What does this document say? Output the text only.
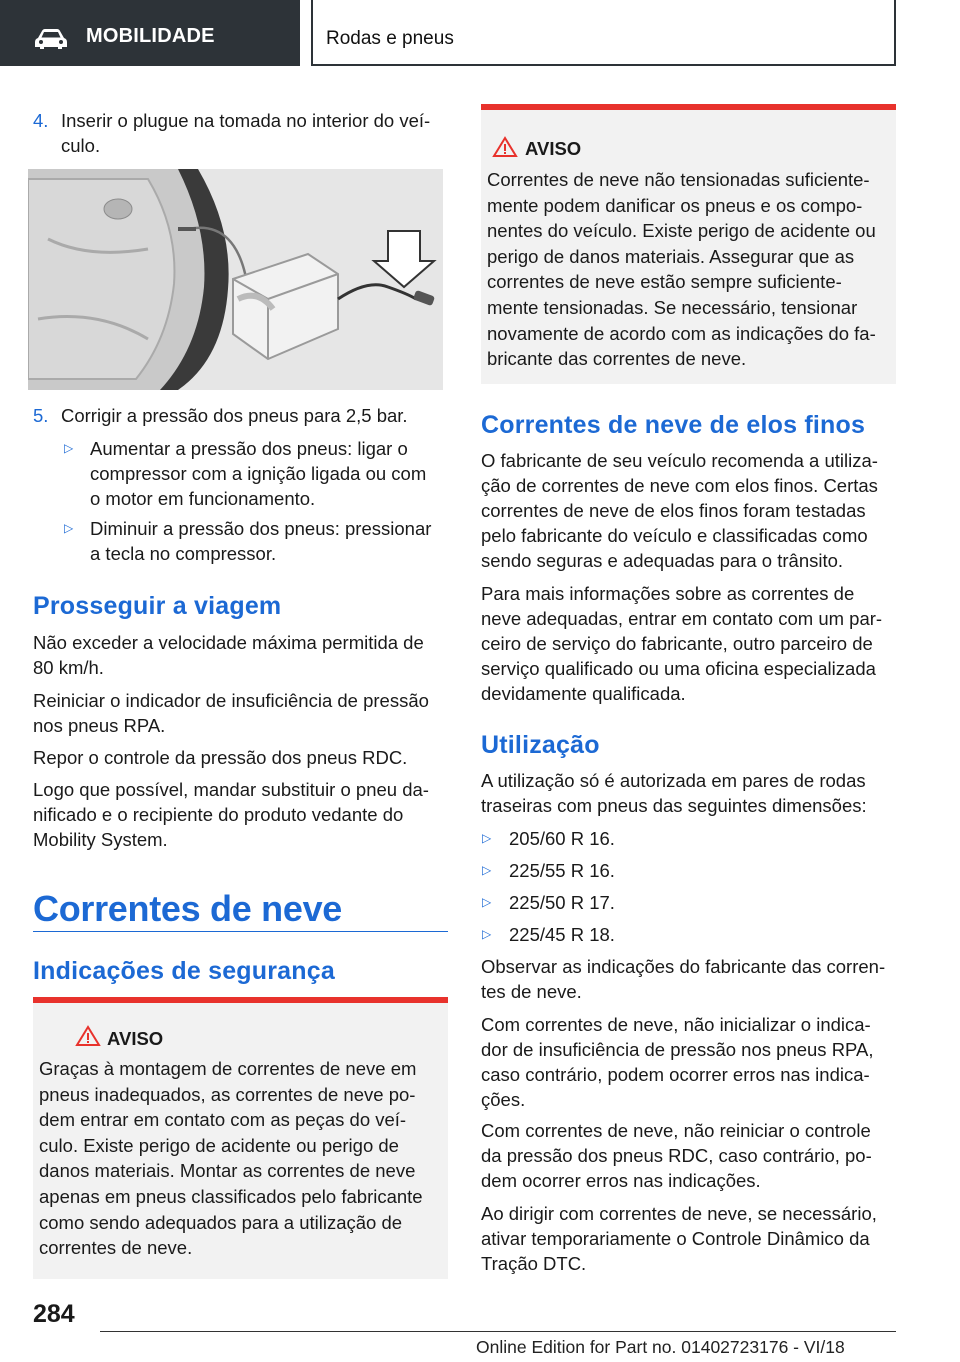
MOBILIDADE	Rodas e pneus
4. Inserir o plugue na tomada no interior do veí-
culo.
5. Corrigir a pressão dos pneus para 2,5 bar.
▷ Aumentar a pressão dos pneus: ligar o
compressor com a ignição ligada ou com
o motor em funcionamento.
▷ Diminuir a pressão dos pneus: pressionar
a tecla no compressor.
Prosseguir a viagem
Não exceder a velocidade máxima permitida de
80 km/h.
Reiniciar o indicador de insuficiência de pressão
nos pneus RPA.
Repor o controle da pressão dos pneus RDC.
Logo que possível, mandar substituir o pneu da-
nificado e o recipiente do produto vedante do
Mobility System.
Correntes de neve
Indicações de segurança
AVISO
Graças à montagem de correntes de neve em
pneus inadequados, as correntes de neve po-
dem entrar em contato com as peças do veí-
culo. Existe perigo de acidente ou perigo de
danos materiais. Montar as correntes de neve
apenas em pneus classificados pelo fabricante
como sendo adequados para a utilização de
correntes de neve.
AVISO
Correntes de neve não tensionadas suficiente-
mente podem danificar os pneus e os compo-
nentes do veículo. Existe perigo de acidente ou
perigo de danos materiais. Assegurar que as
correntes de neve estão sempre suficiente-
mente tensionadas. Se necessário, tensionar
novamente de acordo com as indicações do fa-
bricante das correntes de neve.
Correntes de neve de elos finos
O fabricante de seu veículo recomenda a utiliza-
ção de correntes de neve com elos finos. Certas
correntes de neve de elos finos foram testadas
pelo fabricante do veículo e classificadas como
sendo seguras e adequadas para o trânsito.
Para mais informações sobre as correntes de
neve adequadas, entrar em contato com um par-
ceiro de serviço do fabricante, outro parceiro de
serviço qualificado ou uma oficina especializada
devidamente qualificada.
Utilização
A utilização só é autorizada em pares de rodas
traseiras com pneus das seguintes dimensões:
▷ 205/60 R 16.
▷ 225/55 R 16.
▷ 225/50 R 17.
▷ 225/45 R 18.
Observar as indicações do fabricante das corren-
tes de neve.
Com correntes de neve, não inicializar o indica-
dor de insuficiência de pressão nos pneus RPA,
caso contrário, podem ocorrer erros nas indica-
ções.
Com correntes de neve, não reiniciar o controle
da pressão dos pneus RDC, caso contrário, po-
dem ocorrer erros nas indicações.
Ao dirigir com correntes de neve, se necessário,
ativar temporariamente o Controle Dinâmico da
Tração DTC.
284
Online Edition for Part no. 01402723176 - VI/18
